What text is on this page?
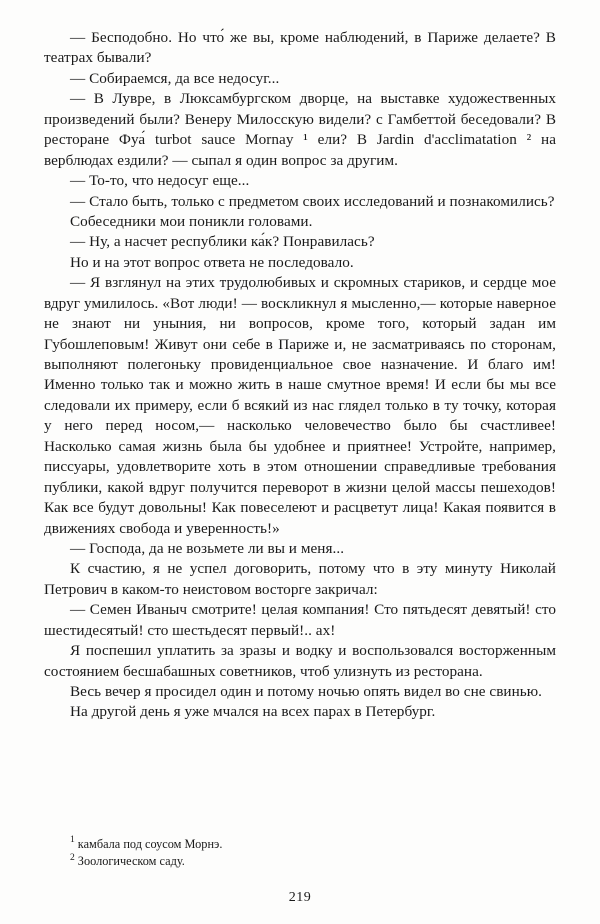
— Бесподобно. Но что́ же вы, кроме наблюдений, в Париже делаете? В театрах бывали?

— Собираемся, да все недосуг...

— В Лувре, в Люксамбургском дворце, на выставке художественных произведений были? Венеру Милосскую видели? с Гамбеттой беседовали? В ресторане Фуа́ turbot sauce Mornay ¹ ели? В Jardin d'acclimatation ² на верблюдах ездили? — сыпал я один вопрос за другим.

— То-то, что недосуг еще...

— Стало быть, только с предметом своих исследований и познакомились?

Собеседники мои поникли головами.

— Ну, а насчет республики ка́к? Понравилась?

Но и на этот вопрос ответа не последовало.

— Я взглянул на этих трудолюбивых и скромных стариков, и сердце мое вдруг умилилось. «Вот люди! — воскликнул я мысленно,— которые наверное не знают ни уныния, ни вопросов, кроме того, который задан им Губошлеповым! Живут они себе в Париже и, не засматриваясь по сторонам, выполняют полегоньку провиденциальное свое назначение. И благо им! Именно только так и можно жить в наше смутное время! И если бы мы все следовали их примеру, если б всякий из нас глядел только в ту точку, которая у него перед носом,— насколько человечество было бы счастливее! Насколько самая жизнь была бы удобнее и приятнее! Устройте, например, писсуары, удовлетворите хоть в этом отношении справедливые требования публики, какой вдруг получится переворот в жизни целой массы пешеходов! Как все будут довольны! Как повеселеют и расцветут лица! Какая появится в движениях свобода и уверенность!»

— Господа, да не возьмете ли вы и меня...

К счастию, я не успел договорить, потому что в эту минуту Николай Петрович в каком-то неистовом восторге закричал:

— Семен Иваныч смотрите! целая компания! Сто пятьдесят девятый! сто шестидесятый! сто шестьдесят первый!.. ах!

Я поспешил уплатить за зразы и водку и воспользовался восторженным состоянием бесшабашных советников, чтоб улизнуть из ресторана.

Весь вечер я просидел один и потому ночью опять видел во сне свинью.

На другой день я уже мчался на всех парах в Петербург.

$^1$ камбала под соусом Морнэ.

$^2$ Зоологическом саду.

219
